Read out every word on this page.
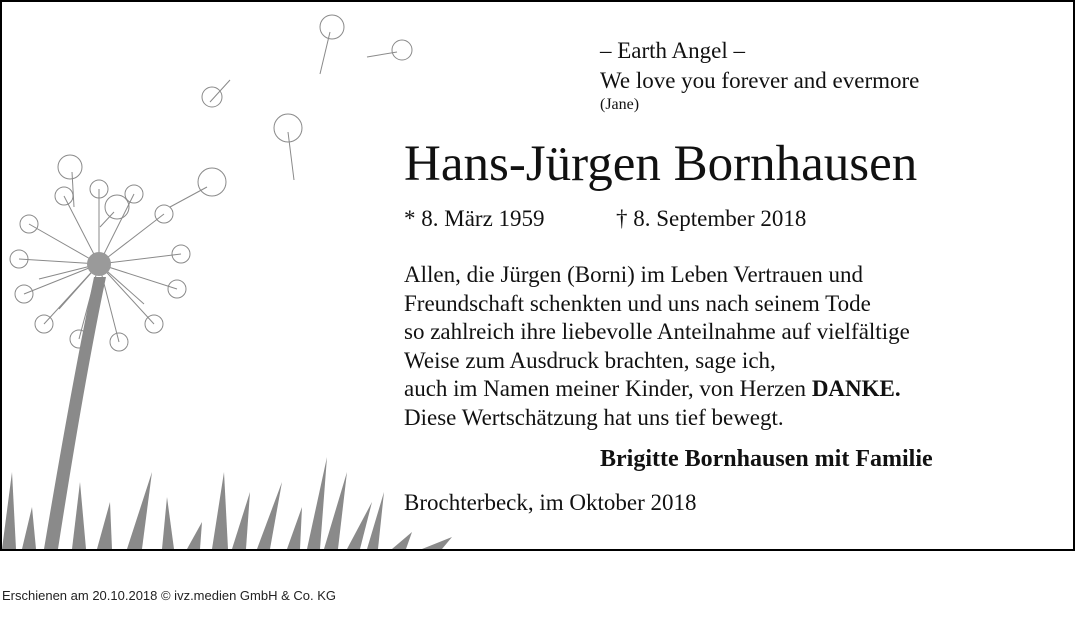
– Earth Angel –
We love you forever and evermore
(Jane)
Hans-Jürgen Bornhausen
* 8. März 1959	† 8. September 2018
Allen, die Jürgen (Borni) im Leben Vertrauen und
Freundschaft schenkten und uns nach seinem Tode
so zahlreich ihre liebevolle Anteilnahme auf vielfältige
Weise zum Ausdruck brachten, sage ich,
auch im Namen meiner Kinder, von Herzen DANKE.
Diese Wertschätzung hat uns tief bewegt.
Brigitte Bornhausen mit Familie
Brochterbeck, im Oktober 2018
Erschienen am 20.10.2018 © ivz.medien GmbH & Co. KG
